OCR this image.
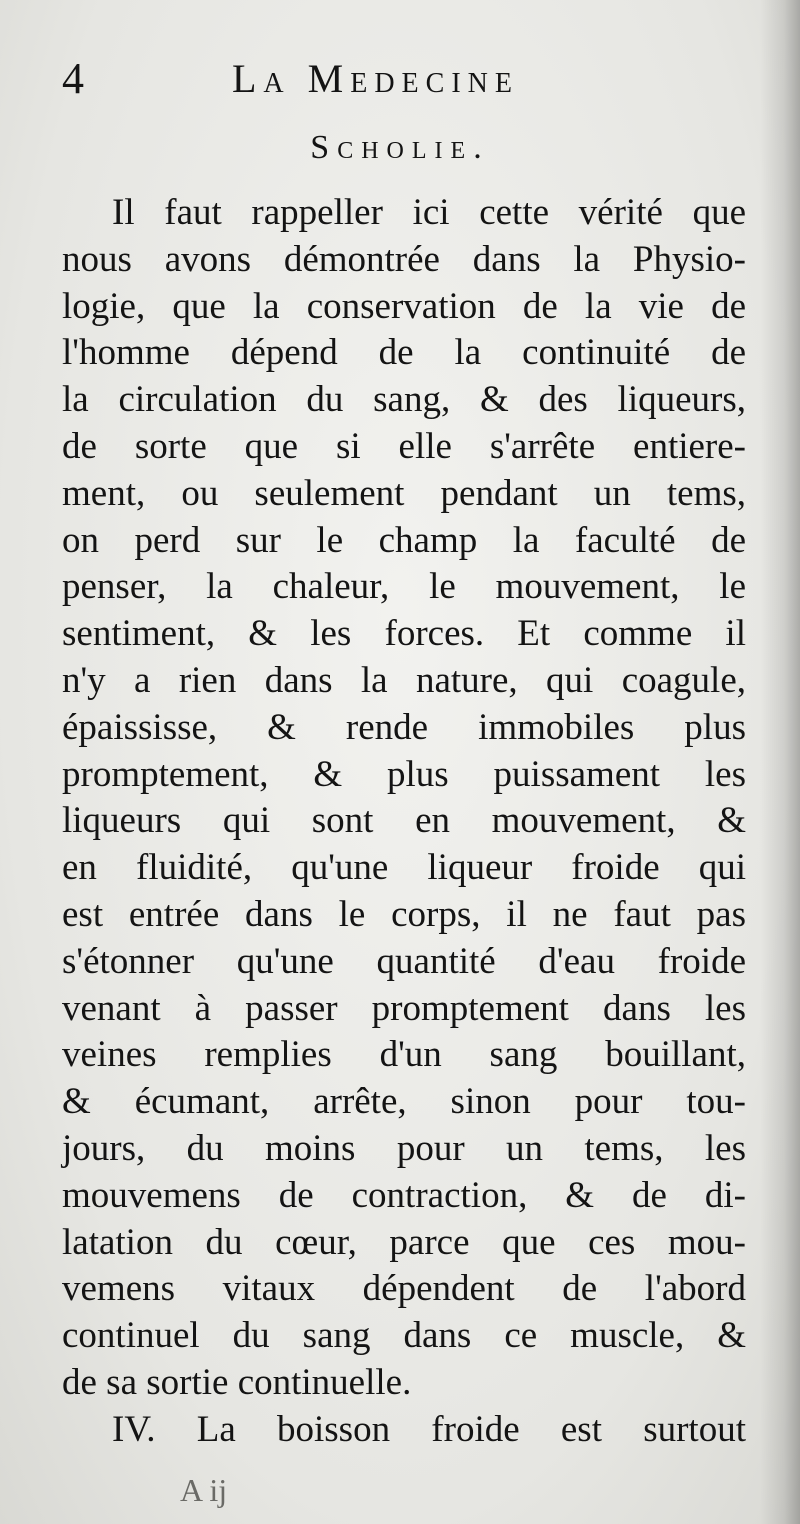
4	La Medecine
Scholie.
Il faut rappeller ici cette vérité que
nous avons démontrée dans la Physio-
logie, que la conservation de la vie de
l'homme dépend de la continuité de
la circulation du sang, & des liqueurs,
de sorte que si elle s'arrête entiere-
ment, ou seulement pendant un tems,
on perd sur le champ la faculté de
penser, la chaleur, le mouvement, le
sentiment, & les forces. Et comme il
n'y a rien dans la nature, qui coagule,
épaississe, & rende immobiles plus
promptement, & plus puissament les
liqueurs qui sont en mouvement, &
en fluidité, qu'une liqueur froide qui
est entrée dans le corps, il ne faut pas
s'étonner qu'une quantité d'eau froide
venant à passer promptement dans les
veines remplies d'un sang bouillant,
& écumant, arrête, sinon pour tou-
jours, du moins pour un tems, les
mouvemens de contraction, & de di-
latation du cœur, parce que ces mou-
vemens vitaux dépendent de l'abord
continuel du sang dans ce muscle, &
de sa sortie continuelle.
IV. La boisson froide est surtout
A ij
